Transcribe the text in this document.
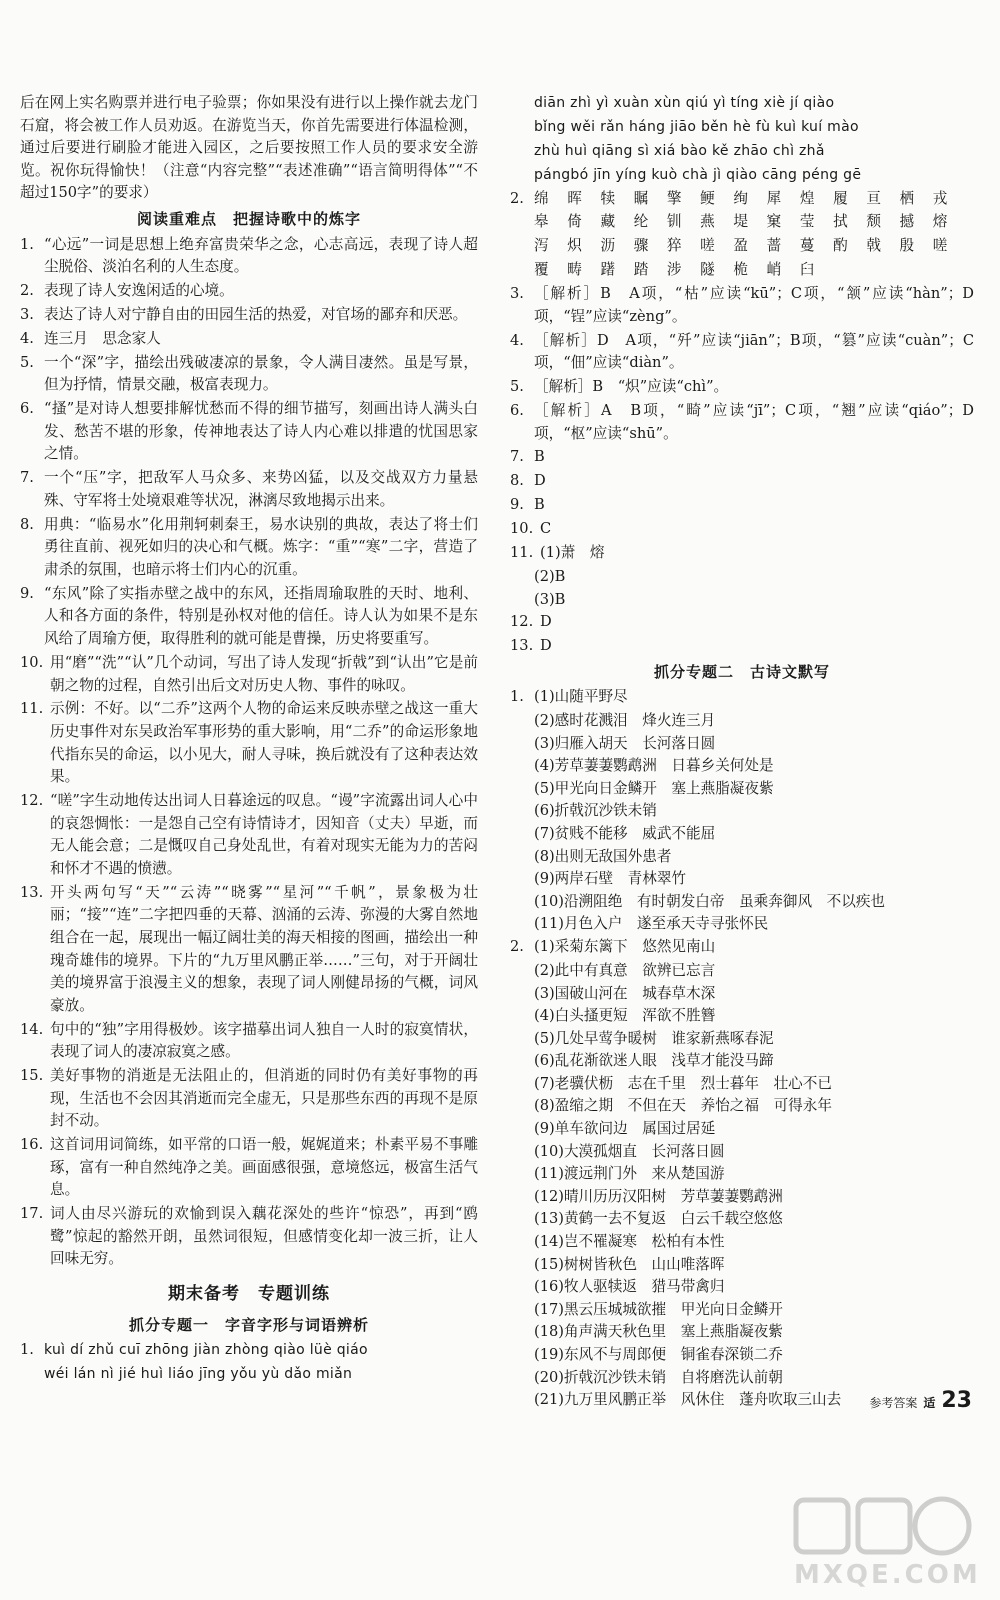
后在网上实名购票并进行电子验票；你如果没有进行以上操作就去龙门石窟，将会被工作人员劝返。在游览当天，你首先需要进行体温检测，通过后要进行刷脸才能进入园区，之后要按照工作人员的要求安全游览。祝你玩得愉快！（注意“内容完整”“表述准确”“语言简明得体”“不超过150字”的要求）
阅读重难点　把握诗歌中的炼字
1. “心远”一词是思想上绝弃富贵荣华之念，心志高远，表现了诗人超尘脱俗、淡泊名利的人生态度。
2. 表现了诗人安逸闲适的心境。
3. 表达了诗人对宁静自由的田园生活的热爱，对官场的鄙弃和厌恶。
4. 连三月　思念家人
5. 一个“深”字，描绘出残破凄凉的景象，令人满目凄然。虽是写景，但为抒情，情景交融，极富表现力。
6. “搔”是对诗人想要排解忧愁而不得的细节描写，刻画出诗人满头白发、愁苦不堪的形象，传神地表达了诗人内心难以排遣的忧国思家之情。
7. 一个“压”字，把敌军人马众多、来势凶猛，以及交战双方力量悬殊、守军将士处境艰难等状况，淋漓尽致地揭示出来。
8. 用典：“临易水”化用荆轲刺秦王，易水诀别的典故，表达了将士们勇往直前、视死如归的决心和气概。炼字：“重”“寒”二字，营造了肃杀的氛围，也暗示将士们内心的沉重。
9. “东风”除了实指赤壁之战中的东风，还指周瑜取胜的天时、地利、人和各方面的条件，特别是孙权对他的信任。诗人认为如果不是东风给了周瑜方便，取得胜利的就可能是曹操，历史将要重写。
10. 用“磨”“洗”“认”几个动词，写出了诗人发现“折戟”到“认出”它是前朝之物的过程，自然引出后文对历史人物、事件的咏叹。
11. 示例：不好。以“二乔”这两个人物的命运来反映赤壁之战这一重大历史事件对东吴政治军事形势的重大影响，用“二乔”的命运形象地代指东吴的命运，以小见大，耐人寻味，换后就没有了这种表达效果。
12. “嗟”字生动地传达出词人日暮途远的叹息。“谩”字流露出词人心中的哀怨惆怅：一是怨自己空有诗情诗才，因知音（丈夫）早逝，而无人能会意；二是慨叹自己身处乱世，有着对现实无能为力的苦闷和怀才不遇的愤懑。
13. 开头两句写“天”“云涛”“晓雾”“星河”“千帆”，景象极为壮丽；“接”“连”二字把四垂的天幕、汹涌的云涛、弥漫的大雾自然地组合在一起，展现出一幅辽阔壮美的海天相接的图画，描绘出一种瑰奇雄伟的境界。下片的“九万里风鹏正举……”三句，对于开阔壮美的境界富于浪漫主义的想象，表现了词人刚健昂扬的气概，词风豪放。
14. 句中的“独”字用得极妙。该字描摹出词人独自一人时的寂寞情状，表现了词人的凄凉寂寞之感。
15. 美好事物的消逝是无法阻止的，但消逝的同时仍有美好事物的再现，生活也不会因其消逝而完全虚无，只是那些东西的再现不是原封不动。
16. 这首词用词简练，如平常的口语一般，娓娓道来；朴素平易不事雕琢，富有一种自然纯净之美。画面感很强，意境悠远，极富生活气息。
17. 词人由尽兴游玩的欢愉到误入藕花深处的些许“惊恐”，再到“鸥鹭”惊起的豁然开朗，虽然词很短，但感情变化却一波三折，让人回味无穷。
期末备考　专题训练
抓分专题一　字音字形与词语辨析
1. kuì dí zhǔ cuī zhōng jiàn zhòng qiào lüè qiáo
wéi lán nì jié huì liáo jīng yǒu yù dǎo miǎn
diān zhì yì xuàn xùn qiú yì tíng xiè jí qiào
bǐng wěi rǎn háng jiāo běn hè fù kuì kuí mào
zhù huì qiāng sì xiá bào kě zhāo chì zhǎ
pángbó jīn yíng kuò chà jì qiào cāng péng gē
2. 绵 晖 犊 瞩 擎 鲠 绚 犀 煌 履 亘 栖 戎
皋 倚 藏 纶 钏 燕 堤 窠 莹 拭 颓 撼 熔
泻 炽 沥 骤 猝 嗟 盈 蔷 蔓 酌 戟 殷 嗟
覆 畴 躇 踏 涉 隧 桅 峭 臼
3. ［解析］B　A项，“枯”应读“kū”；C项，“颔”应读“hàn”；D项，“锃”应读“zèng”。
4. ［解析］D　A项，“歼”应读“jiān”；B项，“篡”应读“cuàn”；C项，“佃”应读“diàn”。
5. ［解析］B　“炽”应读“chì”。
6. ［解析］A　B项，“畸”应读“jī”；C项，“翘”应读“qiáo”；D项，“枢”应读“shū”。
7. B
8. D
9. B
10. C
11. (1)萧　熔
(2)B
(3)B
12. D
13. D
抓分专题二　古诗文默写
1. (1)山随平野尽
(2)感时花溅泪　烽火连三月
(3)归雁入胡天　长河落日圆
(4)芳草萋萋鹦鹉洲　日暮乡关何处是
(5)甲光向日金鳞开　塞上燕脂凝夜紫
(6)折戟沉沙铁未销
(7)贫贱不能移　威武不能屈
(8)出则无敌国外患者
(9)两岸石壁　青林翠竹
(10)沿溯阻绝　有时朝发白帝　虽乘奔御风　不以疾也
(11)月色入户　遂至承天寺寻张怀民
2. (1)采菊东篱下　悠然见南山
(2)此中有真意　欲辨已忘言
(3)国破山河在　城春草木深
(4)白头搔更短　浑欲不胜簪
(5)几处早莺争暖树　谁家新燕啄春泥
(6)乱花渐欲迷人眼　浅草才能没马蹄
(7)老骥伏枥　志在千里　烈士暮年　壮心不已
(8)盈缩之期　不但在天　养怡之福　可得永年
(9)单车欲问边　属国过居延
(10)大漠孤烟直　长河落日圆
(11)渡远荆门外　来从楚国游
(12)晴川历历汉阳树　芳草萋萋鹦鹉洲
(13)黄鹤一去不复返　白云千载空悠悠
(14)岂不罹凝寒　松柏有本性
(15)树树皆秋色　山山唯落晖
(16)牧人驱犊返　猎马带禽归
(17)黑云压城城欲摧　甲光向日金鳞开
(18)角声满天秋色里　塞上燕脂凝夜紫
(19)东风不与周郎便　铜雀春深锁二乔
(20)折戟沉沙铁未销　自将磨洗认前朝
(21)九万里风鹏正举　风休住　蓬舟吹取三山去	参考答案 适 23
MXQE.COM
